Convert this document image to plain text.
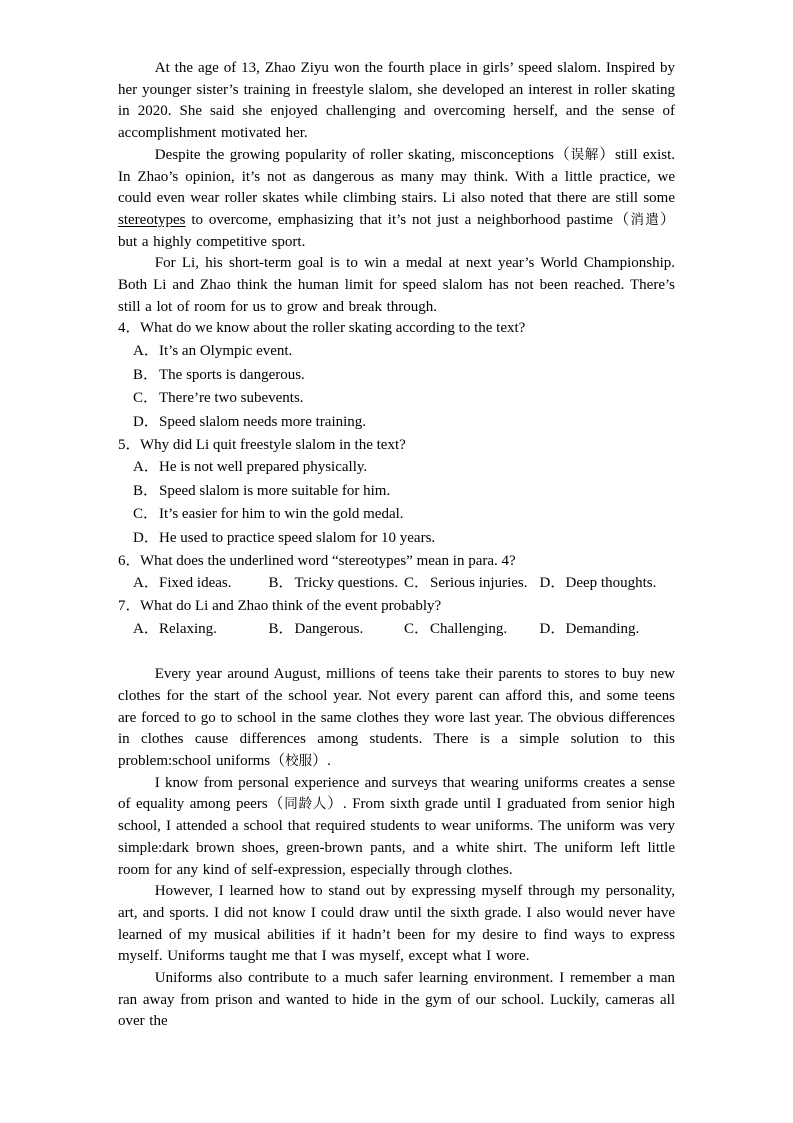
At the age of 13, Zhao Ziyu won the fourth place in girls’ speed slalom. Inspired by her younger sister’s training in freestyle slalom, she developed an interest in roller skating in 2020. She said she enjoyed challenging and overcoming herself, and the sense of accomplishment motivated her.

Despite the growing popularity of roller skating, misconceptions（误解）still exist. In Zhao’s opinion, it’s not as dangerous as many may think. With a little practice, we could even wear roller skates while climbing stairs. Li also noted that there are still some stereotypes to overcome, emphasizing that it’s not just a neighborhood pastime（消遣）but a highly competitive sport.

For Li, his short-term goal is to win a medal at next year’s World Championship. Both Li and Zhao think the human limit for speed slalom has not been reached. There’s still a lot of room for us to grow and break through.

4． What do we know about the roller skating according to the text?
A． It’s an Olympic event.
B． The sports is dangerous.
C． There’re two subevents.
D． Speed slalom needs more training.
5． Why did Li quit freestyle slalom in the text?
A． He is not well prepared physically.
B． Speed slalom is more suitable for him.
C． It’s easier for him to win the gold medal.
D． He used to practice speed slalom for 10 years.
6． What does the underlined word “stereotypes” mean in para. 4?
A． Fixed ideas. B． Tricky questions. C． Serious injuries. D． Deep thoughts.
7． What do Li and Zhao think of the event probably?
A． Relaxing.	B． Dangerous.	C． Challenging. D． Demanding.

Every year around August, millions of teens take their parents to stores to buy new clothes for the start of the school year. Not every parent can afford this, and some teens are forced to go to school in the same clothes they wore last year. The obvious differences in clothes cause differences among students. There is a simple solution to this problem:school uniforms（校服）.

I know from personal experience and surveys that wearing uniforms creates a sense of equality among peers（同龄人）. From sixth grade until I graduated from senior high school, I attended a school that required students to wear uniforms. The uniform was very simple:dark brown shoes, green-brown pants, and a white shirt. The uniform left little room for any kind of self-expression, especially through clothes.

However, I learned how to stand out by expressing myself through my personality, art, and sports. I did not know I could draw until the sixth grade. I also would never have learned of my musical abilities if it hadn’t been for my desire to find ways to express myself. Uniforms taught me that I was myself, except what I wore.

Uniforms also contribute to a much safer learning environment. I remember a man ran away from prison and wanted to hide in the gym of our school. Luckily, cameras all over the
